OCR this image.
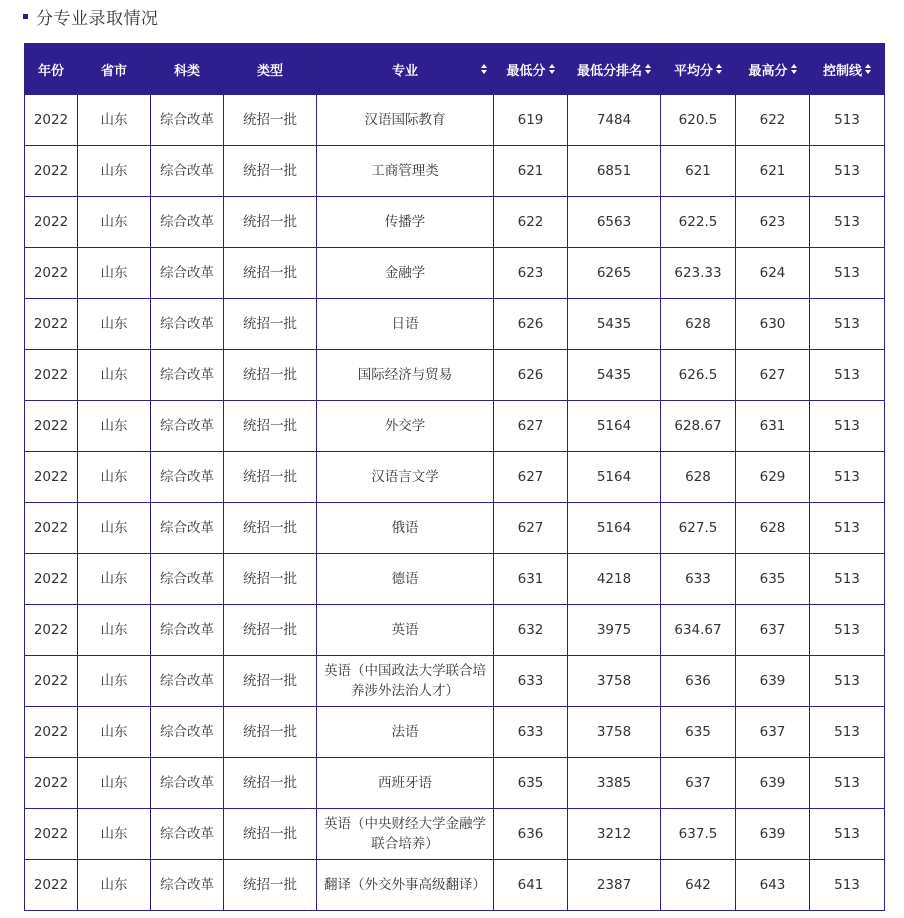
分专业录取情况
年份	省市	科类	类型	专业	最低分	最低分排名	平均分	最高分	控制线

2022	山东	综合改革	统招一批	汉语国际教育	619	7484	620.5	622	513
2022	山东	综合改革	统招一批	工商管理类	621	6851	621	621	513
2022	山东	综合改革	统招一批	传播学	622	6563	622.5	623	513
2022	山东	综合改革	统招一批	金融学	623	6265	623.33	624	513
2022	山东	综合改革	统招一批	日语	626	5435	628	630	513
2022	山东	综合改革	统招一批	国际经济与贸易	626	5435	626.5	627	513
2022	山东	综合改革	统招一批	外交学	627	5164	628.67	631	513
2022	山东	综合改革	统招一批	汉语言文学	627	5164	628	629	513
2022	山东	综合改革	统招一批	俄语	627	5164	627.5	628	513
2022	山东	综合改革	统招一批	德语	631	4218	633	635	513
2022	山东	综合改革	统招一批	英语	632	3975	634.67	637	513
2022	山东	综合改革	统招一批	英语（中国政法大学联合培养涉外法治人才）	633	3758	636	639	513
2022	山东	综合改革	统招一批	法语	633	3758	635	637	513
2022	山东	综合改革	统招一批	西班牙语	635	3385	637	639	513
2022	山东	综合改革	统招一批	英语（中央财经大学金融学联合培养）	636	3212	637.5	639	513
2022	山东	综合改革	统招一批	翻译（外交外事高级翻译）	641	2387	642	643	513
